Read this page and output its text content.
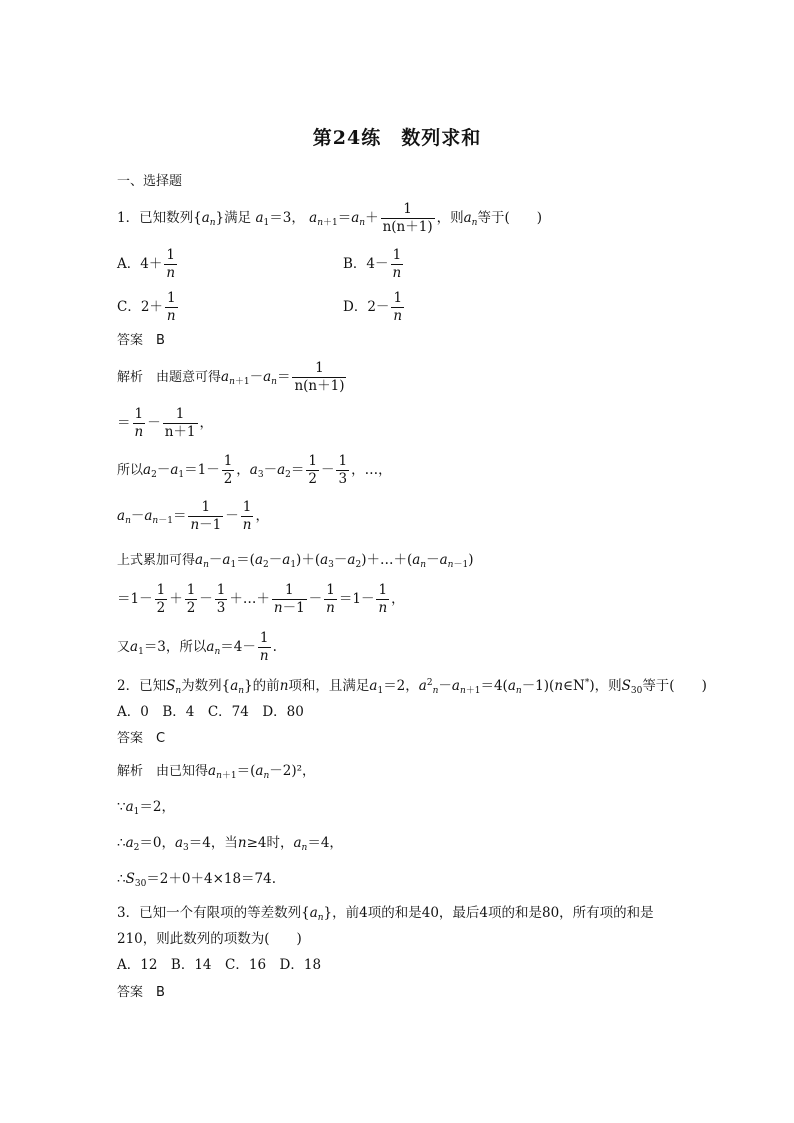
第24练　数列求和
一、选择题
1．已知数列$\{a_n\}$满足 $a_1=3$， $a_{n+1}=a_n+ \frac{1}{n(n+1)}$ ，则$a_n$等于(　　)
A．$4+ \frac{1}{n}$	B．$4- \frac{1}{n}$
C．$2+ \frac{1}{n}$	D．$2- \frac{1}{n}$
答案　B
解析　由题意可得$a_{n+1}-a_n= \frac{1}{n(n+1)}$
＝ $\frac{1}{n} - \frac{1}{n+1}$ ，
所以$a_2-a_1=1- \frac{1}{2}$ ，$a_3-a_2= \frac{1}{2} - \frac{1}{3}$ ，…，
$a_n-a_{n-1}= \frac{1}{n-1} - \frac{1}{n}$ ，
上式累加可得$a_n-a_1=(a_2-a_1)+(a_3-a_2)+\dots+(a_n-a_{n-1})$
$=1- \frac{1}{2} + \frac{1}{2} - \frac{1}{3}$ ＋…＋ $\frac{1}{n-1} - \frac{1}{n} =1- \frac{1}{n}$ ，
又$a_1=3$，所以$a_n=4- \frac{1}{n}$ .
2．已知$S_n$为数列$\{a_n\}$的前n项和，且满足$a_1=2$，$a^2_n-a_{n+1}=4(a_n-1)(n\in N^*)$，则$S_{30}$等于(　　)
A．0　B．4　C．74　D．80
答案　C
解析　由已知得$a_{n+1}=(a_n-2)^2$，
$\because a_1=2$，
$\therefore a_2=0$，$a_3=4$，当n≥4时，$a_n=4$，
$\therefore S_{30}=2+0+4\times 18=74$.
3．已知一个有限项的等差数列$\{a_n\}$，前4项的和是40，最后4项的和是80，所有项的和是
210，则此数列的项数为(　　)
A．12　B．14　C．16　D．18
答案　B
